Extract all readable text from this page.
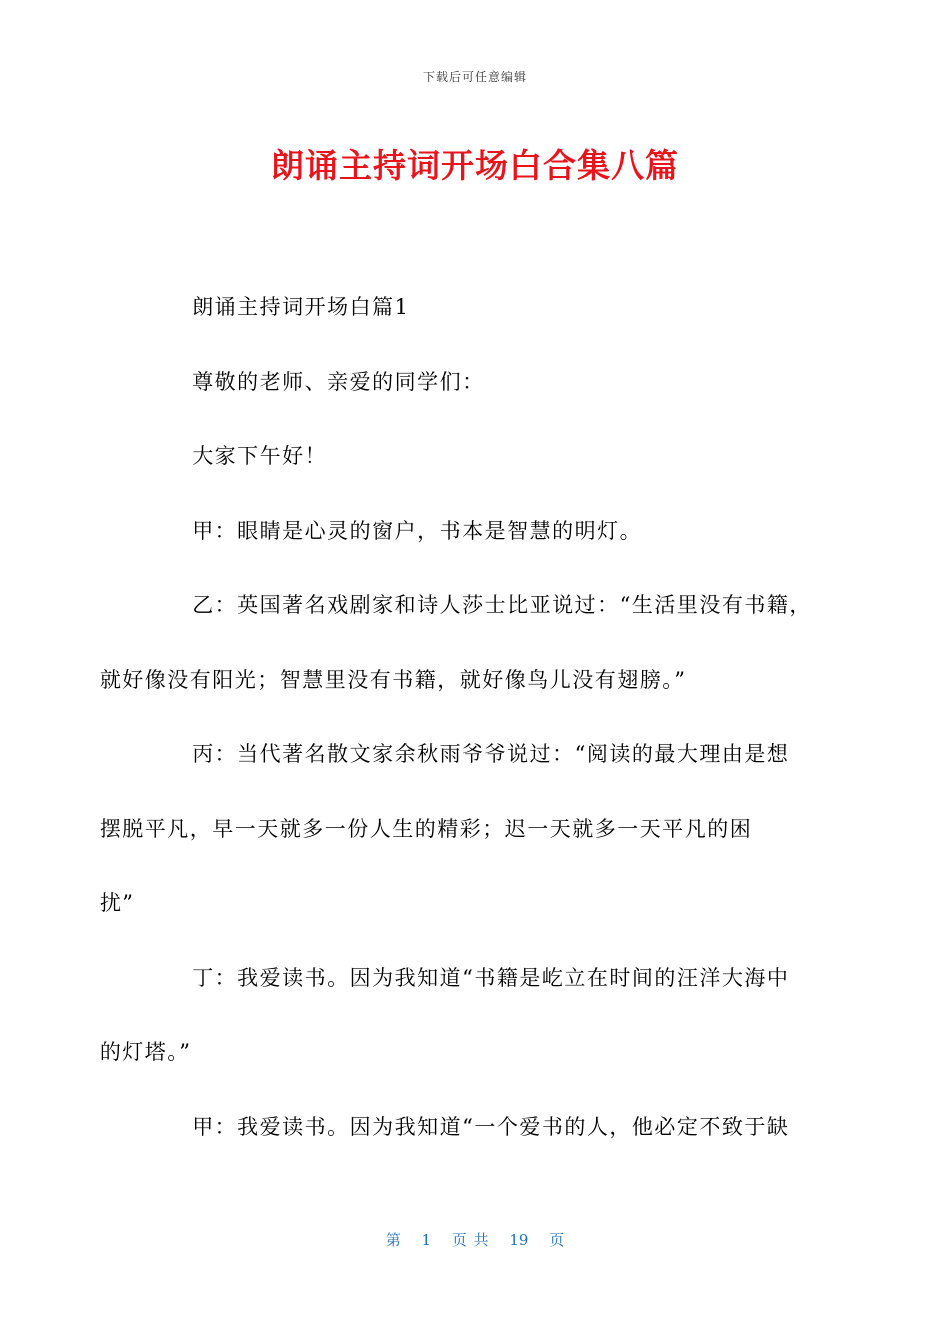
下载后可任意编辑
朗诵主持词开场白合集八篇

朗诵主持词开场白篇1

尊敬的老师、亲爱的同学们：

大家下午好！

甲：眼睛是心灵的窗户，书本是智慧的明灯。

乙：英国著名戏剧家和诗人莎士比亚说过：“生活里没有书籍，
就好像没有阳光；智慧里没有书籍，就好像鸟儿没有翅膀。”

丙：当代著名散文家余秋雨爷爷说过：“阅读的最大理由是想
摆脱平凡，早一天就多一份人生的精彩；迟一天就多一天平凡的困
扰”

丁：我爱读书。因为我知道“书籍是屹立在时间的汪洋大海中
的灯塔。”

甲：我爱读书。因为我知道“一个爱书的人，他必定不致于缺

第 1 页 共 19 页
